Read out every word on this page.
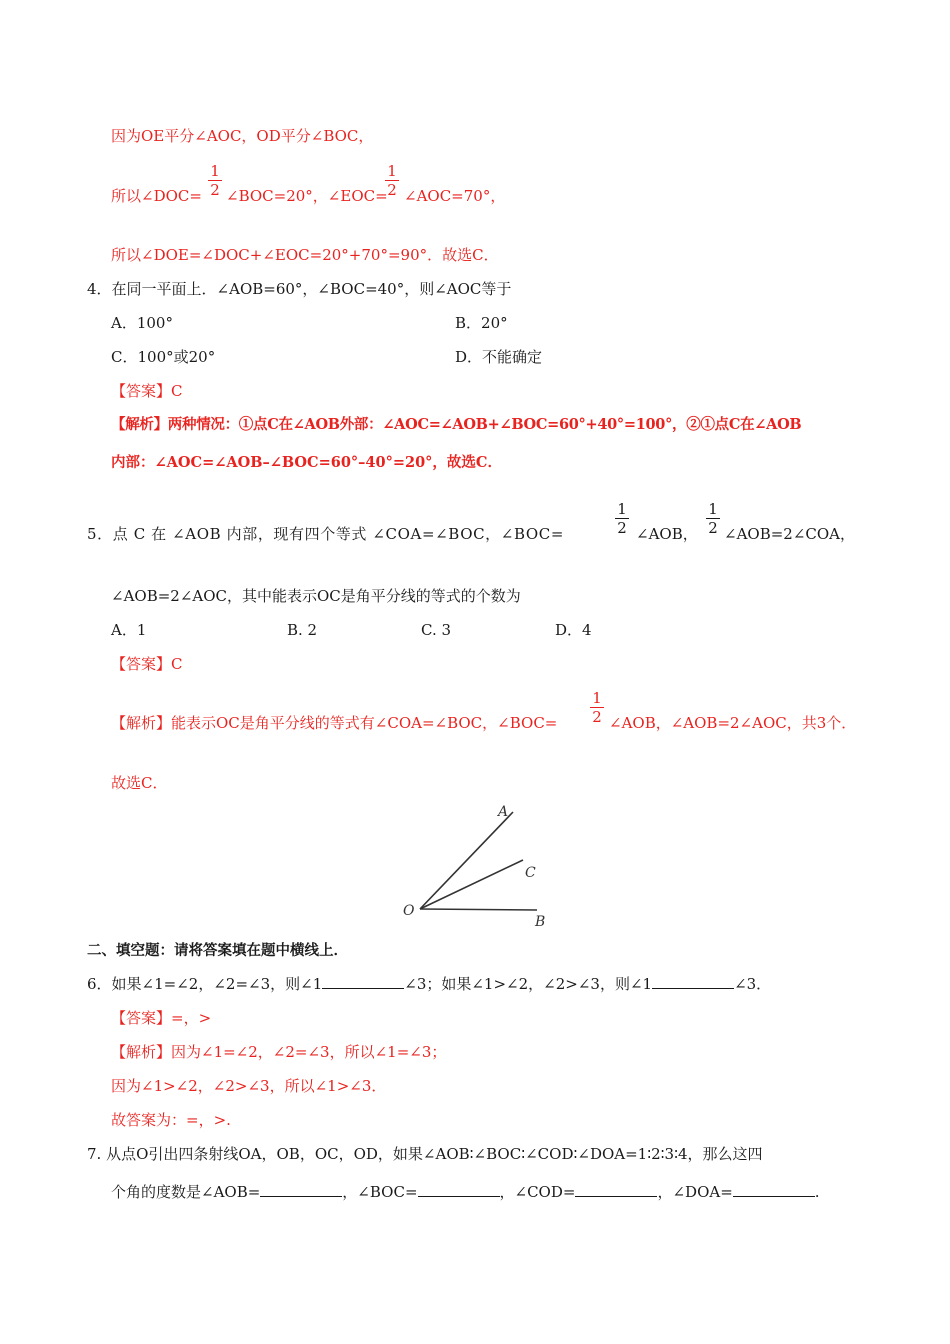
因为OE平分∠AOC，OD平分∠BOC，
所以∠DOC= $\frac{1}{2}$ ∠BOC=20°，∠EOC=
$\frac{1}{2}$ ∠AOC=70°，
所以∠DOE=∠DOC+∠EOC=20°+70°=90°．故选C．
4．在同一平面上．∠AOB=60°，∠BOC=40°，则∠AOC等于
A．100°	B．20°
C．100°或20°	D．不能确定
【答案】C
【解析】两种情况：①点C在∠AOB外部：∠AOC=∠AOB+∠BOC=60°+40°=100°，②①点C在∠AOB
内部：∠AOC=∠AOB–∠BOC=60°–40°=20°，故选C．
5．点 C 在 ∠AOB 内部，现有四个等式 ∠COA=∠BOC，∠BOC=	$\frac{1}{2}$ ∠AOB， $\frac{1}{2}$ ∠AOB=2∠COA，
∠AOB=2∠AOC，其中能表示OC是角平分线的等式的个数为
A．1	B. 2	C. 3	D．4
【答案】C
【解析】能表示OC是角平分线的等式有∠COA=∠BOC，∠BOC= $\frac{1}{2}$ ∠AOB，∠AOB=2∠AOC，共3个．
故选C．
A
C
O
B
二、填空题：请将答案填在题中横线上．
6．如果∠1=∠2，∠2=∠3，则∠1	∠3；如果∠1>∠2，∠2>∠3，则∠1	∠3．
【答案】=，>
【解析】因为∠1=∠2，∠2=∠3，所以∠1=∠3；
因为∠1>∠2，∠2>∠3，所以∠1>∠3．
故答案为：=，>.
7. 从点O引出四条射线OA，OB，OC，OD，如果∠AOB∶∠BOC∶∠COD∶∠DOA=1∶2∶3∶4，那么这四
个角的度数是∠AOB=	，∠BOC=	，∠COD=	，∠DOA=	.
